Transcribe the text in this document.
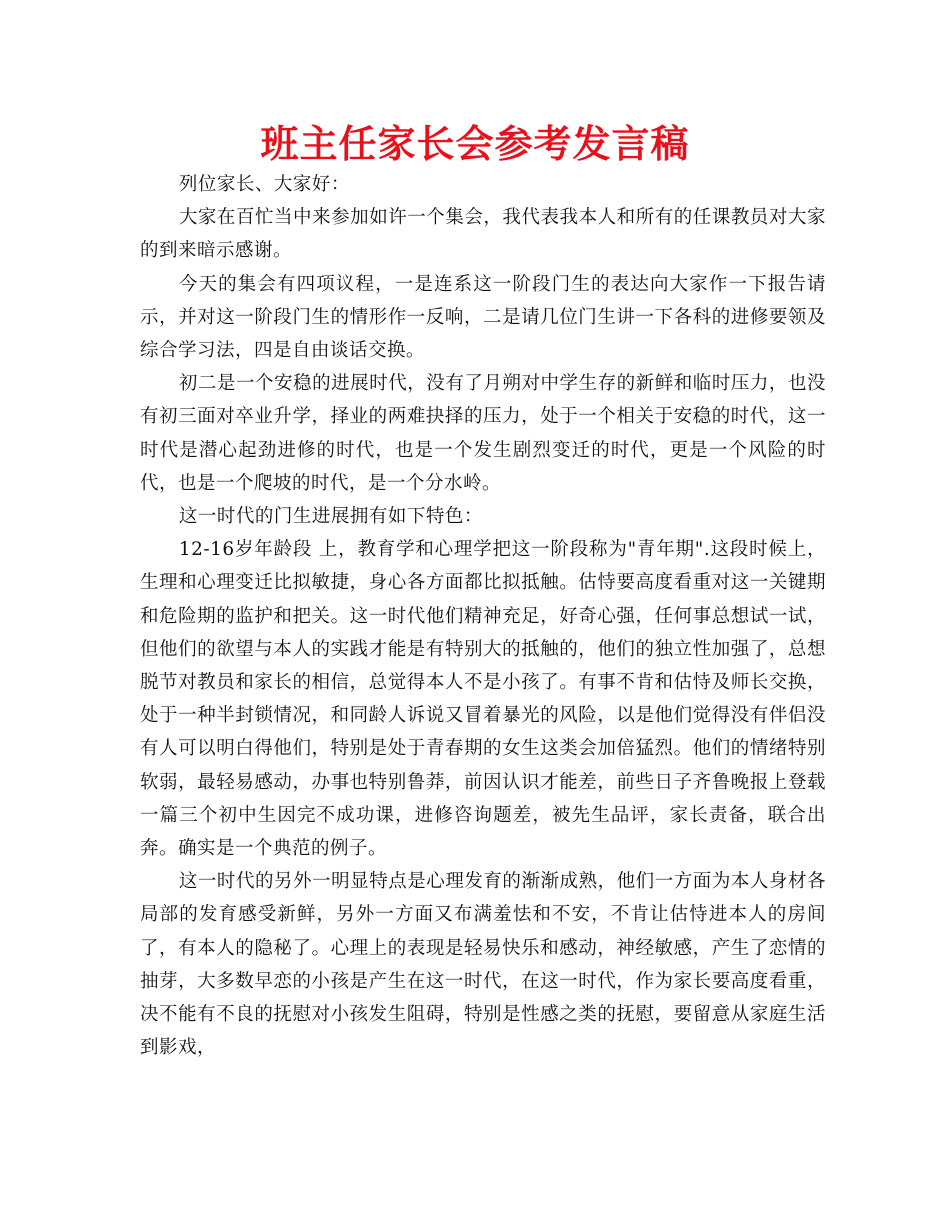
班主任家长会参考发言稿

列位家长、大家好：

大家在百忙当中来参加如许一个集会，我代表我本人和所有的任课教员对大家的到来暗示感谢。

今天的集会有四项议程，一是连系这一阶段门生的表达向大家作一下报告请示，并对这一阶段门生的情形作一反响，二是请几位门生讲一下各科的进修要领及综合学习法，四是自由谈话交换。

初二是一个安稳的进展时代，没有了月朔对中学生存的新鲜和临时压力，也没有初三面对卒业升学，择业的两难抉择的压力，处于一个相关于安稳的时代，这一时代是潜心起劲进修的时代，也是一个发生剧烈变迁的时代，更是一个风险的时代，也是一个爬坡的时代，是一个分水岭。

这一时代的门生进展拥有如下特色：

12-16岁年龄段 上，教育学和心理学把这一阶段称为"青年期".这段时候上，生理和心理变迁比拟敏捷，身心各方面都比拟抵触。估恃要高度看重对这一关键期和危险期的监护和把关。这一时代他们精神充足，好奇心强，任何事总想试一试，但他们的欲望与本人的实践才能是有特别大的抵触的，他们的独立性加强了，总想脱节对教员和家长的相信，总觉得本人不是小孩了。有事不肯和估恃及师长交换，处于一种半封锁情况，和同龄人诉说又冒着暴光的风险，以是他们觉得没有伴侣没有人可以明白得他们，特别是处于青春期的女生这类会加倍猛烈。他们的情绪特别软弱，最轻易感动，办事也特别鲁莽，前因认识才能差，前些日子齐鲁晚报上登载一篇三个初中生因完不成功课，进修咨询题差，被先生品评，家长责备，联合出奔。确实是一个典范的例子。

这一时代的另外一明显特点是心理发育的渐渐成熟，他们一方面为本人身材各局部的发育感受新鲜，另外一方面又布满羞怯和不安，不肯让估恃进本人的房间了，有本人的隐秘了。心理上的表现是轻易快乐和感动，神经敏感，产生了恋情的抽芽，大多数早恋的小孩是产生在这一时代，在这一时代，作为家长要高度看重，决不能有不良的抚慰对小孩发生阻碍，特别是性感之类的抚慰，要留意从家庭生活到影戏，
